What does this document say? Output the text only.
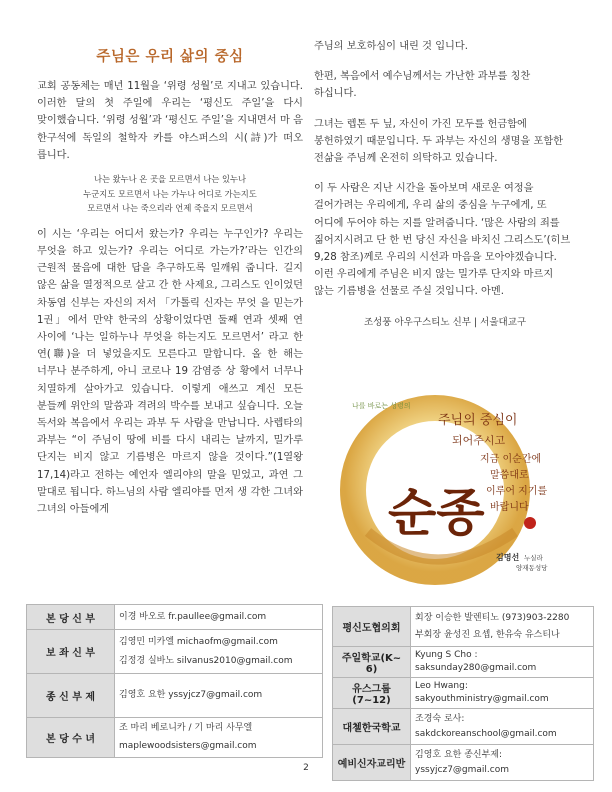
주님은 우리 삶의 중심

교회 공동체는 매년 11월을 ‘위령 성월’로 지내고 있습니다. 이러한 달의 첫 주일에 우리는 ‘평신도 주일’을 다시 맞이했습니다. ‘위령 성월’과 ‘평신도 주일’을 지내면서 마 음 한구석에 독일의 철학자 카를 야스퍼스의 시(詩)가 떠오 릅니다.

나는 왔누나 온 곳을 모르면서 나는 있누나
누군지도 모르면서 나는 가누나 어디로 가는지도
모르면서 나는 죽으리라 언제 죽을지 모르면서

이 시는 ‘우리는 어디서 왔는가? 우리는 누구인가? 우리는 무엇을 하고 있는가? 우리는 어디로 가는가?’라는 인간의 근원적 물음에 대한 답을 추구하도록 일깨워 줍니다. 길지 않은 삶을 열정적으로 살고 간 한 사제요, 그리스도 인이었던 차동엽 신부는 자신의 저서 「가톨릭 신자는 무엇 을 믿는가 1권」에서 만약 한국의 상황이었다면 둘째 연과 셋째 연 사이에 ‘나는 일하누나 무엇을 하는지도 모르면서’ 라고 한 연(聯)을 더 넣었을지도 모른다고 말합니다. 올 한 해는 너무나 분주하게, 아니 코로나 19 감염증 상 황에서 너무나 치열하게 살아가고 있습니다. 이렇게 애쓰고 계신 모든 분들께 위안의 말씀과 격려의 박수를 보내고 싶습니다. 오늘 독서와 복음에서 우리는 과부 두 사람을 만납니다. 사렙타의 과부는 “이 주님이 땅에 비를 다시 내리는 날까지, 밀가루 단지는 비지 않고 기름병은 마르지 않을 것이다.”(1열왕 17,14)라고 전하는 예언자 엘리야의 말을 믿었고, 과연 그 말대로 됩니다. 하느님의 사람 엘리야를 먼저 생 각한 그녀와 그녀의 아들에게

주님의 보호하심이 내린 것 입니다.

한편, 복음에서 예수님께서는 가난한 과부를 칭찬 하십니다.

그녀는 렙톤 두 닢, 자신이 가진 모두를 헌금함에 봉헌하였기 때문입니다. 두 과부는 자신의 생명을 포함한 전삶을 주님께 온전히 의탁하고 있습니다.

이 두 사람은 지난 시간을 돌아보며 새로운 여정을 걸어가려는 우리에게, 우리 삶의 중심을 누구에게, 또 어디에 두어야 하는 지를 알려줍니다. ‘많은 사람의 죄를 짊어지시려고 단 한 번 당신 자신을 바치신 그리스도’(히브 9,28 참조)께로 우리의 시선과 마음을 모아야겠습니다. 이런 우리에게 주님은 비지 않는 밀가루 단지와 마르지 않는 기름병을 선물로 주실 것입니다. 아멘.

조성풍 아우구스티노 신부 | 서울대교구
나를 바로는 성령의
주님의 중심이
되어주시고
지금 이순간에
말씀대로
이루어 지기를
바랍니다
순종
김명선 누실라
양재동성당
본 당 신 부	이경 바오로 fr.paullee@gmail.com

보 좌 신 부	김영민 미카엘 michaofm@gmail.com
김정경 실바노 silvanus2010@gmail.com

종 신 부 제	김영호 요한 yssyjcz7@gmail.com

본 당 수 녀	조 마리 베로니카 / 기 마리 사무엘
maplewoodsisters@gmail.com
평신도협의회	회장 이승한 발렌티노 (973)903-2280
부회장 윤성진 요셉, 한유숙 유스티나

주일학교(K~ 6)	Kyung S Cho : saksunday280@gmail.com

유스그룹(7~12)	Leo Hwang: sakyouthministry@gmail.com

대첼한국학교	조경숙 로사:
sakdckoreanschool@gmail.com

예비신자교리반	김영호 요한 종신부제:
yssyjcz7@gmail.com
2
